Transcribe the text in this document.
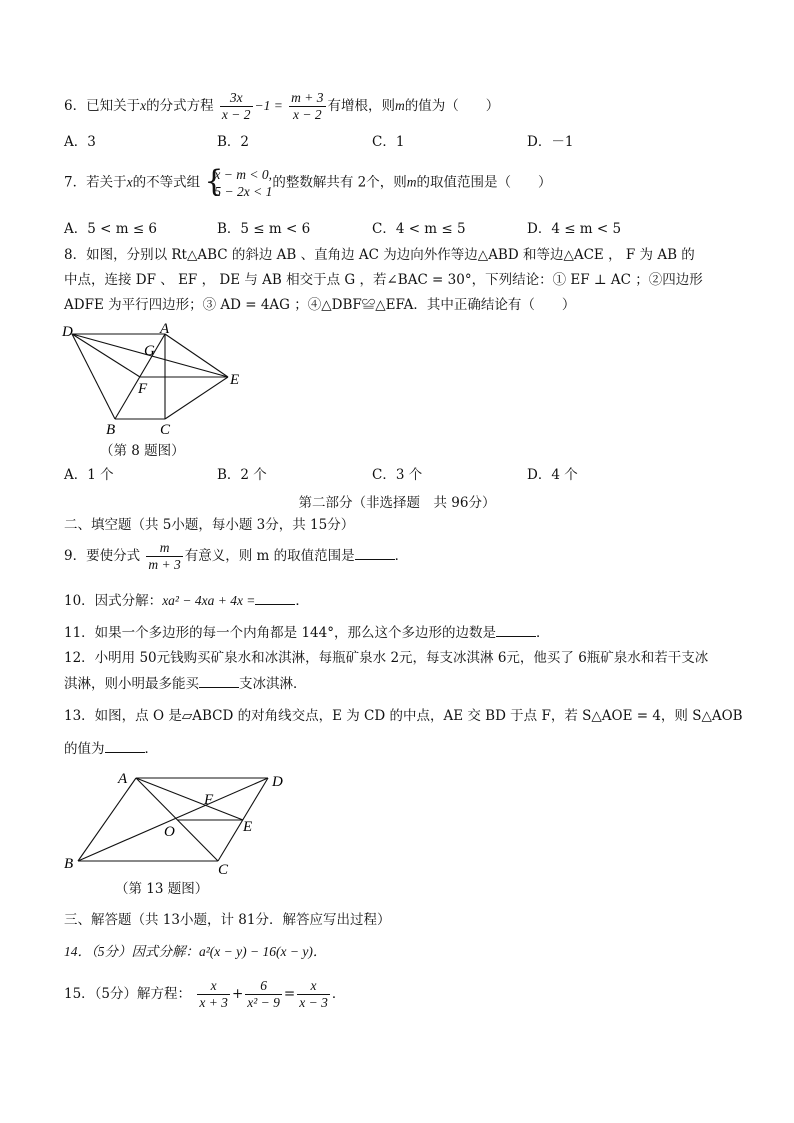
6．已知关于x的分式方程 $\frac{3x}{x - 2} -1 = \frac{m + 3}{x - 2}$ 有增根，则m的值为（　　）
A．3	B．2	C．1	D．－1
7．若关于x的不等式组 {
x − m < 0,
5 − 2x < 1
的整数解共有 2个，则m的取值范围是（　　）
A．5 < m ≤ 6	B．5 ≤ m < 6	C．4 < m ≤ 5	D．4 ≤ m < 5
8．如图，分别以 Rt△ABC 的斜边 AB 、直角边 AC 为边向外作等边△ABD 和等边△ACE ， F 为 AB 的
中点，连接 DF 、 EF ， DE 与 AB 相交于点 G ，若∠BAC = 30°，下列结论：① EF ⊥ AC ；②四边形
ADFE 为平行四边形；③ AD = 4AG ；④△DBF≌△EFA．其中正确结论有（　　）
D	A
G
F
E
B	C
（第 8 题图）
A．1 个	B．2 个	C．3 个	D．4 个
第二部分（非选择题　共 96分）
二、填空题（共 5小题，每小题 3分，共 15分）
9．要使分式 $\frac{m}{m + 3}$ 有意义，则 m 的取值范围是	．
10．因式分解：xa² − 4xa + 4x =	．
11．如果一个多边形的每一个内角都是 144°，那么这个多边形的边数是	．
12．小明用 50元钱购买矿泉水和冰淇淋，每瓶矿泉水 2元，每支冰淇淋 6元，他买了 6瓶矿泉水和若干支冰
淇淋，则小明最多能买	支冰淇淋．
13．如图，点 O 是▱ABCD 的对角线交点，E 为 CD 的中点，AE 交 BD 于点 F，若 S△AOE = 4，则 S△AOB
的值为	．
A	D
F
O	E
B	C
（第 13 题图）
三、解答题（共 13小题，计 81分．解答应写出过程）
14．（5分）因式分解：a²(x − y) − 16(x − y)．
15．（5分）解方程： $\frac{x}{x + 3} + \frac{6}{\text{x² − 9}} = \frac{x}{x - 3}$ ．
